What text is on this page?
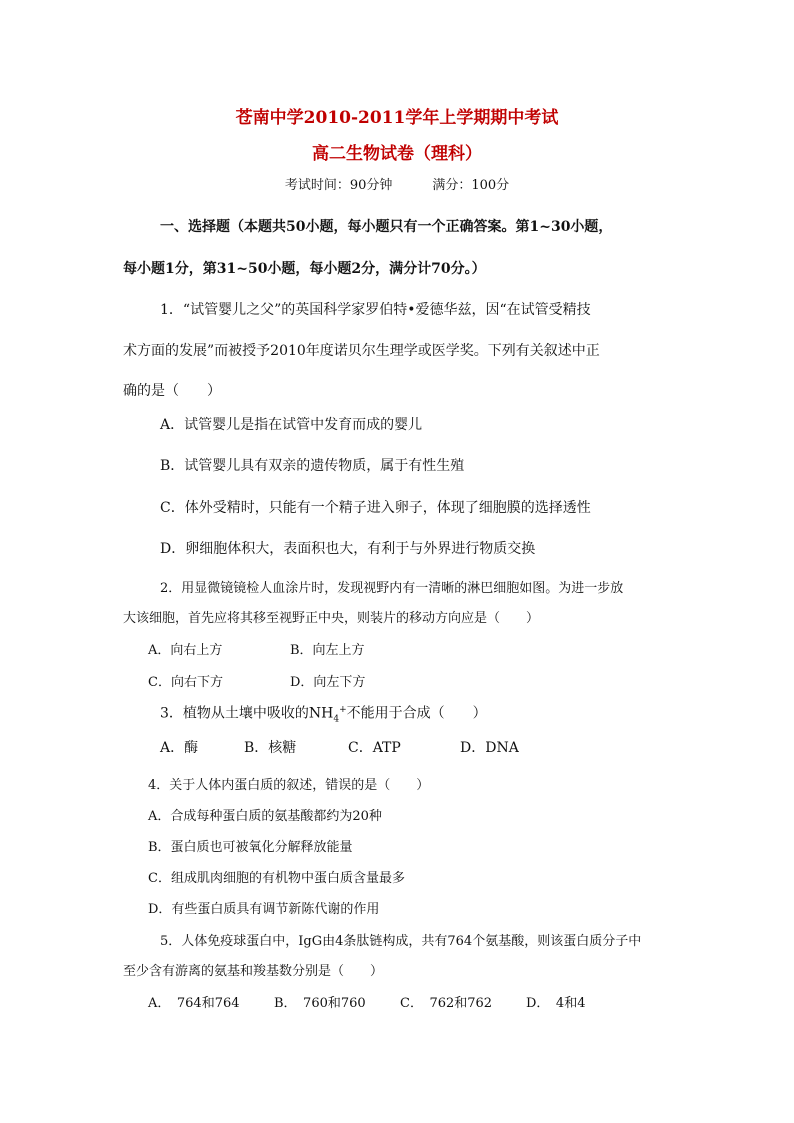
苍南中学2010-2011学年上学期期中考试
高二生物试卷（理科）
考试时间：90分钟	满分：100分
一、选择题（本题共50小题，每小题只有一个正确答案。第1~30小题，
每小题1分，第31~50小题，每小题2分，满分计70分。）
1．“试管婴儿之父”的英国科学家罗伯特•爱德华兹，因“在试管受精技
术方面的发展”而被授予2010年度诺贝尔生理学或医学奖。下列有关叙述中正
确的是（　　）
A．试管婴儿是指在试管中发育而成的婴儿
B．试管婴儿具有双亲的遗传物质，属于有性生殖
C．体外受精时，只能有一个精子进入卵子，体现了细胞膜的选择透性
D．卵细胞体积大，表面积也大，有利于与外界进行物质交换
2．用显微镜镜检人血涂片时，发现视野内有一清晰的淋巴细胞如图。为进一步放
大该细胞，首先应将其移至视野正中央，则装片的移动方向应是（　　）
A．向右上方	B．向左上方
C．向右下方	D．向左下方
3．植物从土壤中吸收的$NH_4^+$不能用于合成（　　）
A．酶	B．核糖	C．ATP	D．DNA
4．关于人体内蛋白质的叙述，错误的是（　　）
A．合成每种蛋白质的氨基酸都约为20种
B．蛋白质也可被氧化分解释放能量
C．组成肌肉细胞的有机物中蛋白质含量最多
D．有些蛋白质具有调节新陈代谢的作用
5．人体免疫球蛋白中，IgG由4条肽链构成，共有764个氨基酸，则该蛋白质分子中
至少含有游离的氨基和羧基数分别是（　　）
A．　764和764	B．　760和760	C．　762和762	D．　4和4
